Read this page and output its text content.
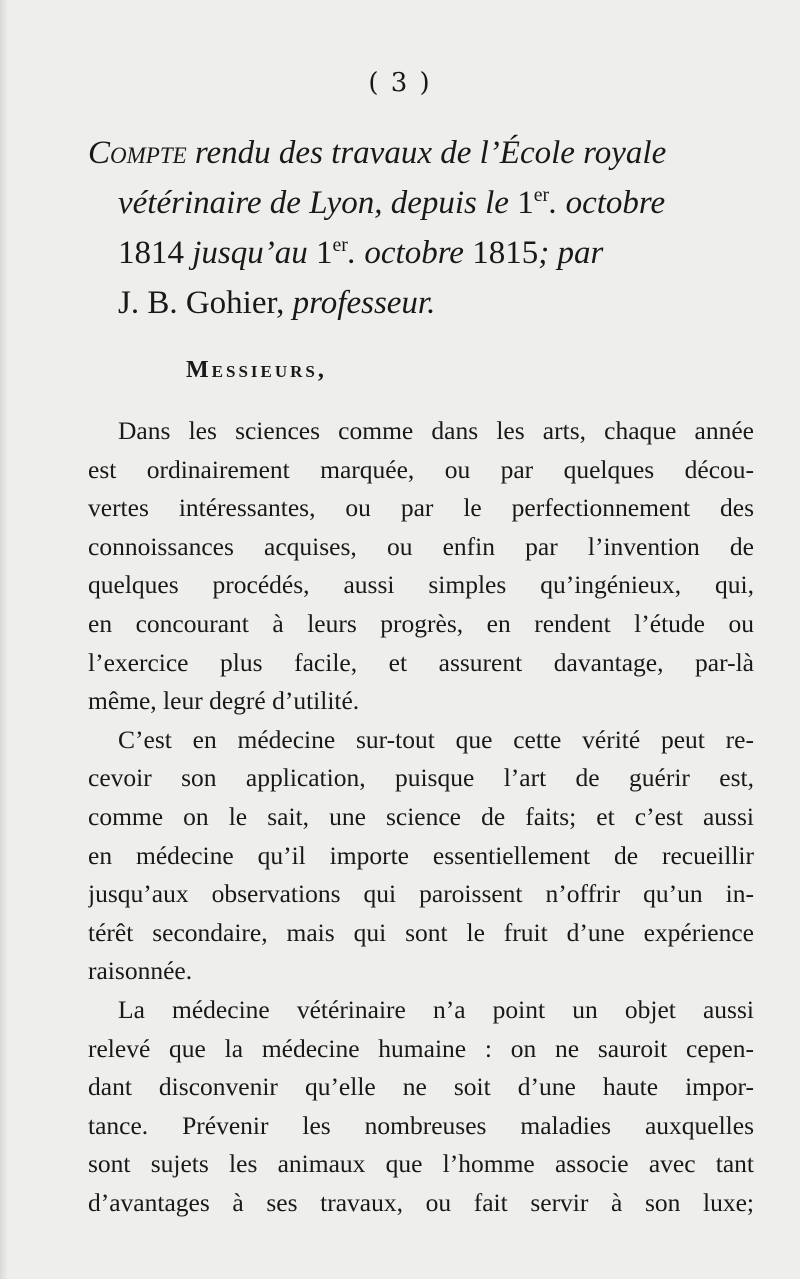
( 3 )
Compte rendu des travaux de l’École royale
vétérinaire de Lyon, depuis le 1er. octobre
1814 jusqu’au 1er. octobre 1815; par
J. B. Gohier, professeur.
Messieurs,
Dans les sciences comme dans les arts, chaque année
est ordinairement marquée, ou par quelques décou-
vertes intéressantes, ou par le perfectionnement des
connoissances acquises, ou enfin par l’invention de
quelques procédés, aussi simples qu’ingénieux, qui,
en concourant à leurs progrès, en rendent l’étude ou
l’exercice plus facile, et assurent davantage, par-là
même, leur degré d’utilité.
C’est en médecine sur-tout que cette vérité peut re-
cevoir son application, puisque l’art de guérir est,
comme on le sait, une science de faits; et c’est aussi
en médecine qu’il importe essentiellement de recueillir
jusqu’aux observations qui paroissent n’offrir qu’un in-
térêt secondaire, mais qui sont le fruit d’une expérience
raisonnée.
La médecine vétérinaire n’a point un objet aussi
relevé que la médecine humaine : on ne sauroit cepen-
dant disconvenir qu’elle ne soit d’une haute impor-
tance. Prévenir les nombreuses maladies auxquelles
sont sujets les animaux que l’homme associe avec tant
d’avantages à ses travaux, ou fait servir à son luxe;
